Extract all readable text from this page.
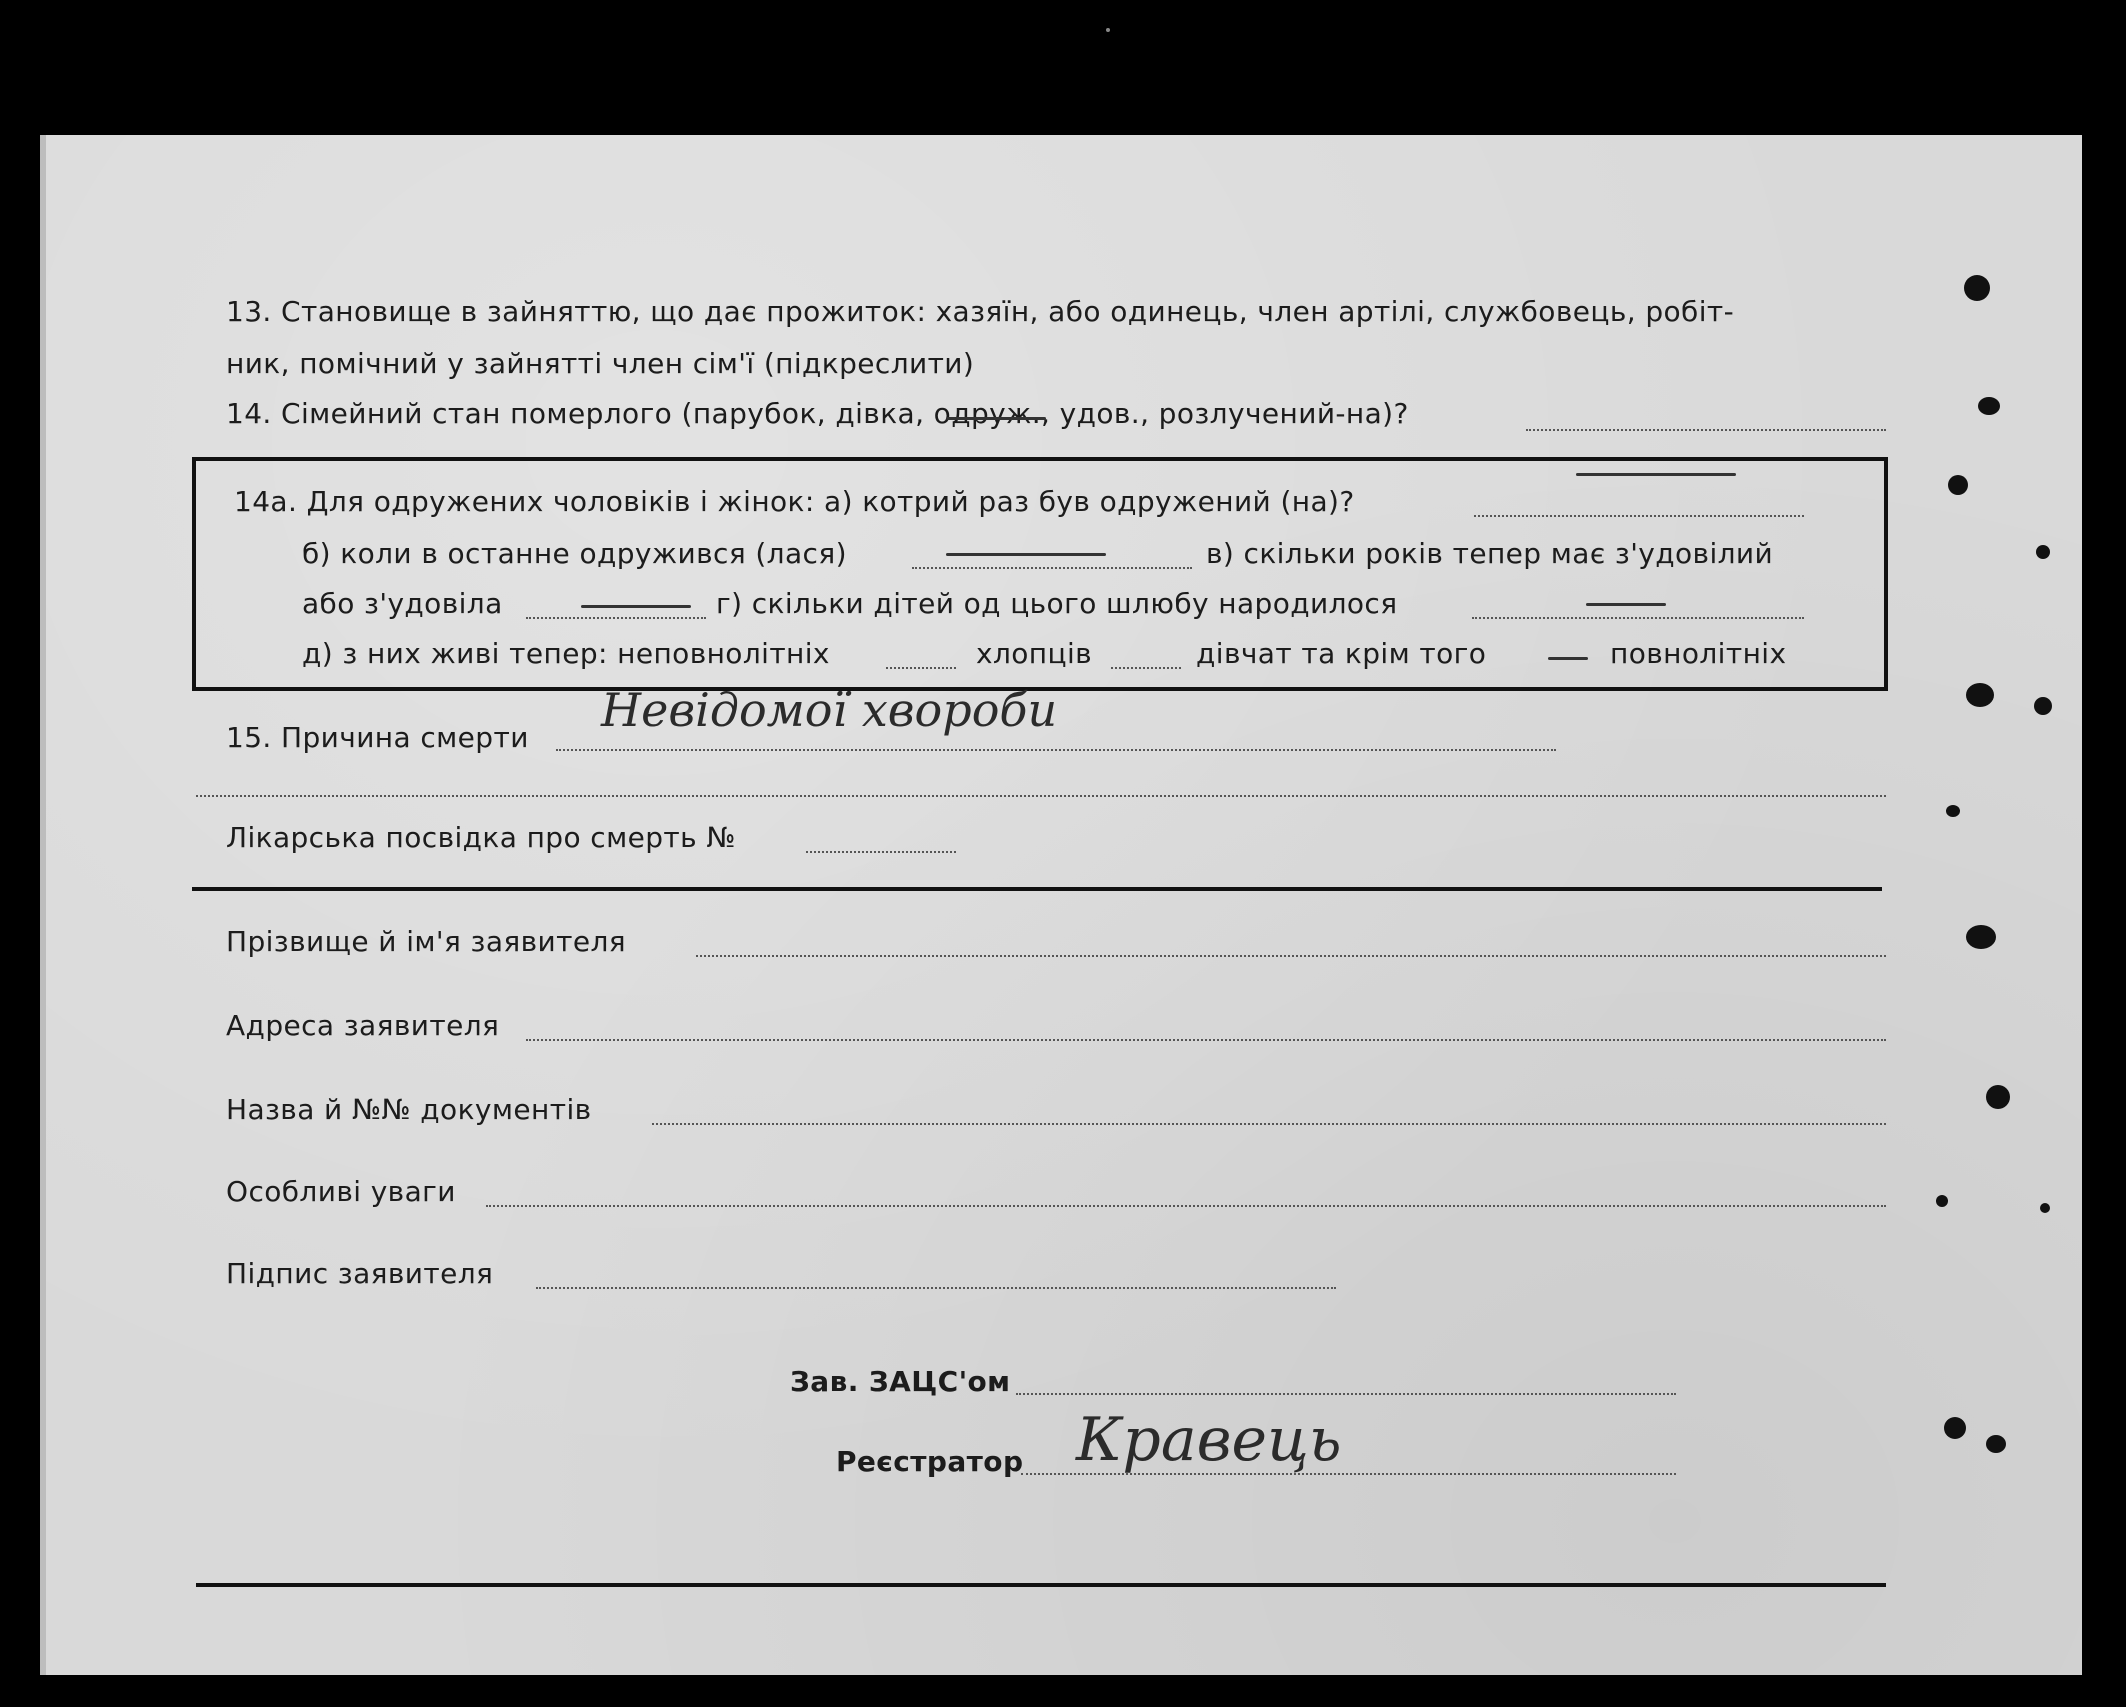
13. Становище в зайняттю, що дає прожиток: хазяїн, або одинець, член артілі, службовець, робіт-
ник, помічний у зайнятті член сім'ї (підкреслити)
14. Сімейний стан померлого (парубок, дівка, одруж., удов., розлучений-на)?
14а. Для одружених чоловіків і жінок: а) котрий раз був одружений (на)?
б) коли в останне одружився (лася)	в) скільки років тепер має з'удовілий
або з'удовіла	г) скільки дітей од цього шлюбу народилося
д) з них живі тепер: неповнолітніх	хлопців	дівчат та крім того	повнолітніх
15. Причина смерти
Невідомої хвороби
Лікарська посвідка про смерть №
Прізвище й ім'я заявителя
Адреса заявителя
Назва й №№ документів
Особливі уваги
Підпис заявителя
Зав. ЗАЦС'ом
Реєстратор Кравець
